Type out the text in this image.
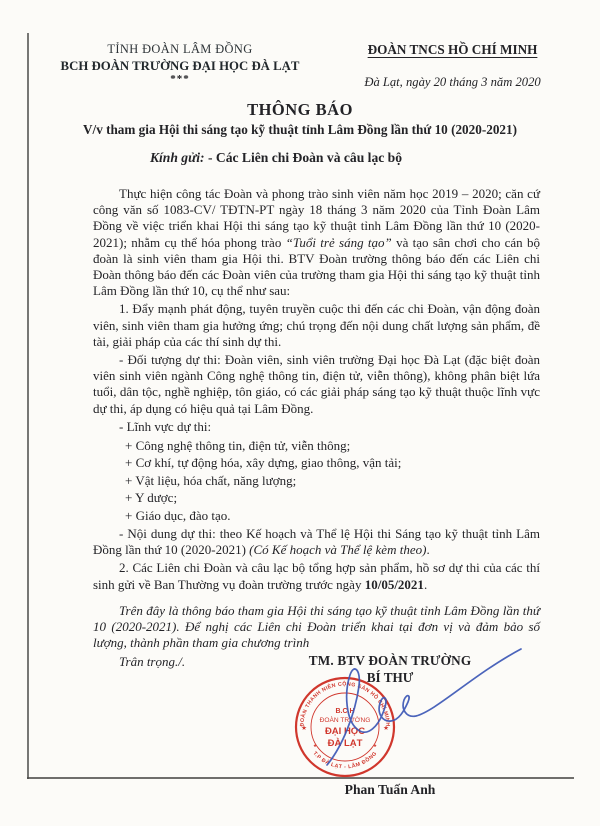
TỈNH ĐOÀN LÂM ĐỒNG
BCH ĐOÀN TRƯỜNG ĐẠI HỌC ĐÀ LẠT
***
ĐOÀN TNCS HỒ CHÍ MINH
Đà Lạt, ngày 20 tháng 3 năm 2020
THÔNG BÁO
V/v tham gia Hội thi sáng tạo kỹ thuật tỉnh Lâm Đồng lần thứ 10 (2020-2021)
Kính gửi: - Các Liên chi Đoàn và câu lạc bộ

Thực hiện công tác Đoàn và phong trào sinh viên năm học 2019 – 2020; căn cứ công văn số 1083-CV/ TĐTN-PT ngày 18 tháng 3 năm 2020 của Tỉnh Đoàn Lâm Đồng về việc triển khai Hội thi sáng tạo kỹ thuật tỉnh Lâm Đồng lần thứ 10 (2020-2021); nhằm cụ thể hóa phong trào “Tuổi trẻ sáng tạo” và tạo sân chơi cho cán bộ đoàn là sinh viên tham gia Hội thi. BTV Đoàn trường thông báo đến các Liên chi Đoàn thông báo đến các Đoàn viên của trường tham gia Hội thi sáng tạo kỹ thuật tỉnh Lâm Đồng lần thứ 10, cụ thể như sau:

1. Đẩy mạnh phát động, tuyên truyền cuộc thi đến các chi Đoàn, vận động đoàn viên, sinh viên tham gia hưởng ứng; chú trọng đến nội dung chất lượng sản phẩm, đề tài, giải pháp của các thí sinh dự thi.

- Đối tượng dự thi: Đoàn viên, sinh viên trường Đại học Đà Lạt (đặc biệt đoàn viên sinh viên ngành Công nghệ thông tin, điện tử, viễn thông), không phân biệt lứa tuổi, dân tộc, nghề nghiệp, tôn giáo, có các giải pháp sáng tạo kỹ thuật thuộc lĩnh vực dự thi, áp dụng có hiệu quả tại Lâm Đồng.

- Lĩnh vực dự thi:

+ Công nghệ thông tin, điện tử, viễn thông;
+ Cơ khí, tự động hóa, xây dựng, giao thông, vận tải;
+ Vật liệu, hóa chất, năng lượng;
+ Y dược;
+ Giáo dục, đào tạo.

- Nội dung dự thi: theo Kế hoạch và Thể lệ Hội thi Sáng tạo kỹ thuật tỉnh Lâm Đồng lần thứ 10 (2020-2021) (Có Kế hoạch và Thể lệ kèm theo).

2. Các Liên chi Đoàn và câu lạc bộ tổng hợp sản phẩm, hồ sơ dự thi của các thí sinh gửi về Ban Thường vụ đoàn trường trước ngày 10/05/2021.

Trên đây là thông báo tham gia Hội thi sáng tạo kỹ thuật tỉnh Lâm Đồng lần thứ 10 (2020-2021). Để nghị các Liên chi Đoàn triển khai tại đơn vị và đảm bảo số lượng, thành phần tham gia chương trình

Trân trọng./.	TM. BTV ĐOÀN TRƯỜNG
BÍ THƯ
ĐOÀN THANH NIÊN CỘNG SẢN HỒ CHÍ MINH
T.P ĐÀ LẠT - LÂM ĐỒNG
★	★
B.C.H
ĐOÀN TRƯỜNG
ĐẠI HỌC
ĐÀ LẠT
★	★
Phan Tuấn Anh
